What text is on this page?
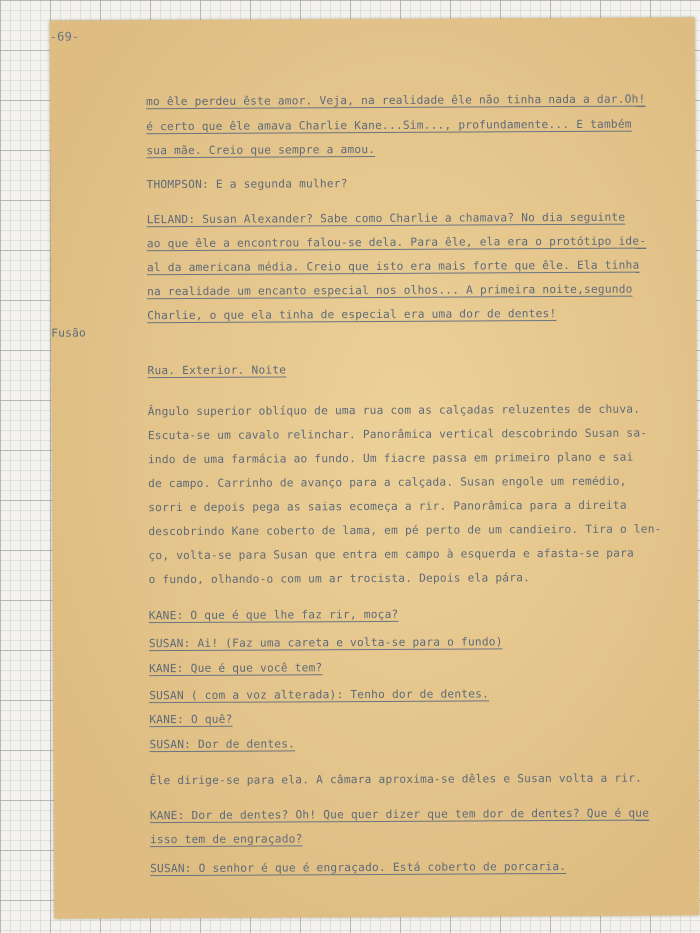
-69-
mo êle perdeu êste amor. Veja, na realidade êle não tinha nada a dar.Oh!
é certo que êle amava Charlie Kane...Sim..., profundamente... E também
sua mãe. Creio que sempre a amou.
THOMPSON: E a segunda mulher?
LELAND: Susan Alexander? Sabe como Charlie a chamava? No dia seguinte
ao que êle a encontrou falou-se dela. Para êle, ela era o protótipo ide-
al da americana média. Creio que isto era mais forte que êle. Ela tinha
na realidade um encanto especial nos olhos... A primeira noite,segundo
Charlie, o que ela tinha de especial era uma dor de dentes!
Fusão
Rua. Exterior. Noite
Ângulo superior oblíquo de uma rua com as calçadas reluzentes de chuva.
Escuta-se um cavalo relinchar. Panorâmica vertical descobrindo Susan sa-
indo de uma farmácia ao fundo. Um fiacre passa em primeiro plano e sai
de campo. Carrinho de avanço para a calçada. Susan engole um remédio,
sorri e depois pega as saias ecomeça a rir. Panorâmica para a direita
descobrindo Kane coberto de lama, em pé perto de um candieiro. Tira o len-
ço, volta-se para Susan que entra em campo à esquerda e afasta-se para
o fundo, olhando-o com um ar trocista. Depois ela pára.
KANE: O que é que lhe faz rir, moça?
SUSAN: Ai! (Faz uma careta e volta-se para o fundo)
KANE: Que é que você tem?
SUSAN ( com a voz alterada): Tenho dor de dentes.
KANE: O quê?
SUSAN: Dor de dentes.
Êle dirige-se para ela. A câmara aproxima-se dêles e Susan volta a rir.
KANE: Dor de dentes? Oh! Que quer dizer que tem dor de dentes? Que é que
isso tem de engraçado?
SUSAN: O senhor é que é engraçado. Está coberto de porcaria.
